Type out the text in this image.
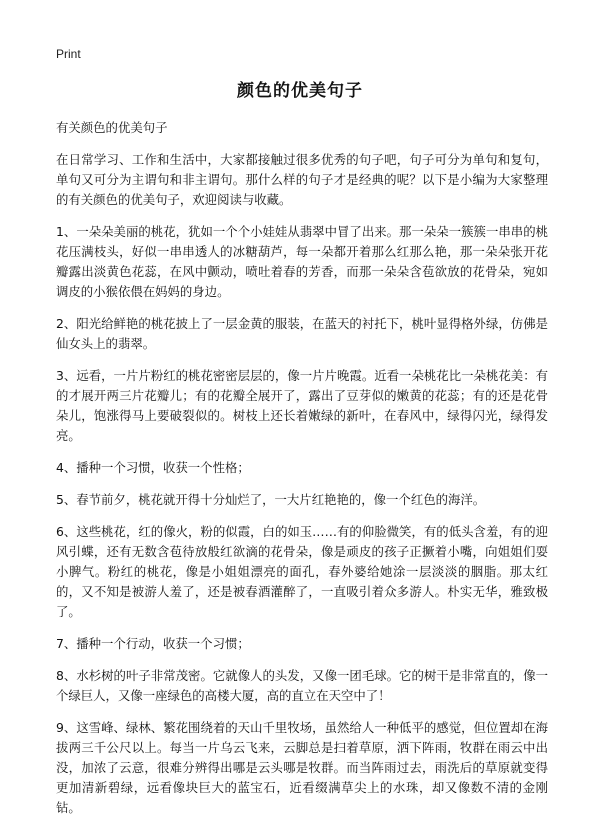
Print
颜色的优美句子

有关颜色的优美句子

在日常学习、工作和生活中，大家都接触过很多优秀的句子吧，句子可分为单句和复句，单句又可分为主谓句和非主谓句。那什么样的句子才是经典的呢？以下是小编为大家整理的有关颜色的优美句子，欢迎阅读与收藏。

1、一朵朵美丽的桃花，犹如一个个小娃娃从翡翠中冒了出来。那一朵朵一簇簇一串串的桃花压满枝头，好似一串串透人的冰糖葫芦，每一朵都开着那么红那么艳，那一朵朵张开花瓣露出淡黄色花蕊，在风中颤动，喷吐着春的芳香，而那一朵朵含苞欲放的花骨朵，宛如调皮的小猴依偎在妈妈的身边。

2、阳光给鲜艳的桃花披上了一层金黄的服装，在蓝天的衬托下，桃叶显得格外绿，仿佛是仙女头上的翡翠。

3、远看，一片片粉红的桃花密密层层的，像一片片晚霞。近看一朵桃花比一朵桃花美：有的才展开两三片花瓣儿；有的花瓣全展开了，露出了豆芽似的嫩黄的花蕊；有的还是花骨朵儿，饱涨得马上要破裂似的。树枝上还长着嫩绿的新叶，在春风中，绿得闪光，绿得发亮。

4、播种一个习惯，收获一个性格；

5、春节前夕，桃花就开得十分灿烂了，一大片红艳艳的，像一个红色的海洋。

6、这些桃花，红的像火，粉的似霞，白的如玉……有的仰脸微笑，有的低头含羞，有的迎风引蝶，还有无数含苞待放般红欲滴的花骨朵，像是顽皮的孩子正撅着小嘴，向姐姐们耍小脾气。粉红的桃花，像是小姐姐漂亮的面孔，春外婆给她涂一层淡淡的胭脂。那太红的，又不知是被游人羞了，还是被春酒灌醉了，一直吸引着众多游人。朴实无华，雅致极了。

7、播种一个行动，收获一个习惯；

8、水杉树的叶子非常茂密。它就像人的头发，又像一团毛球。它的树干是非常直的，像一个绿巨人，又像一座绿色的高楼大厦，高的直立在天空中了！

9、这雪峰、绿林、繁花围绕着的天山千里牧场，虽然给人一种低平的感觉，但位置却在海拔两三千公尺以上。每当一片乌云飞来，云脚总是扫着草原，洒下阵雨，牧群在雨云中出没，加浓了云意，很难分辨得出哪是云头哪是牧群。而当阵雨过去，雨洗后的草原就变得更加清新碧绿，远看像块巨大的蓝宝石，近看缀满草尖上的水珠，却又像数不清的金刚钻。
